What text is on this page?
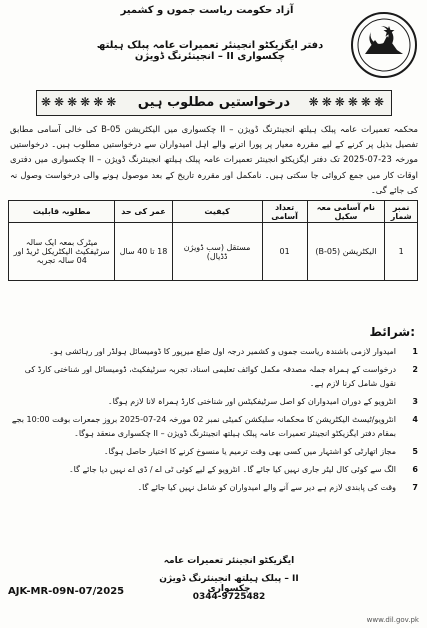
آزاد حکومت ریاست جموں و کشمیر
دفتر ایگزیکٹو انجینئر تعمیرات عامہ پبلک ہیلتھ انجینئرنگ ڈویژن – II چکسواری
❋❋❋❋❋❋	درخواستیں مطلوب ہیں	❋❋❋❋❋❋

محکمہ تعمیرات عامہ پبلک ہیلتھ انجینئرنگ ڈویژن – II چکسواری میں الیکٹریشن B-05 کی خالی آسامی مطابق تفصیل بذیل پر کرنے کے لیے مقررہ معیار پر پورا اترنے والے اہل امیدواران سے درخواستیں مطلوب ہیں۔ درخواستیں مورخہ 23-07-2025 تک دفتر ایگزیکٹو انجینئر تعمیرات عامہ پبلک ہیلتھ انجینئرنگ ڈویژن – II چکسواری میں دفتری اوقات کار میں جمع کروائی جا سکتی ہیں۔ نامکمل اور مقررہ تاریخ کے بعد موصول ہونے والی درخواست وصول نہ کی جائے گی۔

نمبر شمار	نام آسامی معہ سکیل	تعداد آسامی	کیفیت	عمر کی حد	مطلوبہ قابلیت
1	الیکٹریشن (B-05)	01	مستقل (سب ڈویژن ڈڈیال)	18 تا 40 سال	میٹرک بمعہ ایک سالہ سرٹیفکیٹ الیکٹریکل ٹریڈ اور 04 سالہ تجربہ
شرائط:
1
امیدوار لازمی باشندہ ریاست جموں و کشمیر درجہ اول ضلع میرپور کا ڈومیسائل ہولڈر اور رہائشی ہو۔
2
درخواست کے ہمراہ جملہ مصدقہ مکمل کوائف تعلیمی اسناد، تجربہ سرٹیفکیٹ، ڈومیسائل اور شناختی کارڈ کی نقول شامل کرنا لازم ہے۔
3
انٹرویو کے دوران امیدواران کو اصل سرٹیفکیٹس اور شناختی کارڈ ہمراہ لانا لازم ہوگا۔
4
انٹرویو/ٹیسٹ الیکٹریشن کا محکمانہ سلیکشن کمیٹی نمبر 02 مورخہ 24-07-2025 بروز جمعرات بوقت 10:00 بجے بمقام دفتر ایگزیکٹو انجینئر تعمیرات عامہ پبلک ہیلتھ انجینئرنگ ڈویژن – II چکسواری منعقد ہوگا۔
5
مجاز اتھارٹی کو اشتہار میں کسی بھی وقت ترمیم یا منسوخ کرنے کا اختیار حاصل ہوگا۔
6
الگ سے کوئی کال لیٹر جاری نہیں کیا جائے گا۔ انٹرویو کے لیے کوئی ٹی اے / ڈی اے نہیں دیا جائے گا۔
7
وقت کی پابندی لازم ہے دیر سے آنے والے امیدواران کو شامل نہیں کیا جائے گا۔
ایگزیکٹو انجینئر تعمیرات عامہ
پبلک ہیلتھ انجینئرنگ ڈویژن – II چکسواری
0344-9725482
AJK-MR-09N-07/2025
www.dil.gov.pk
